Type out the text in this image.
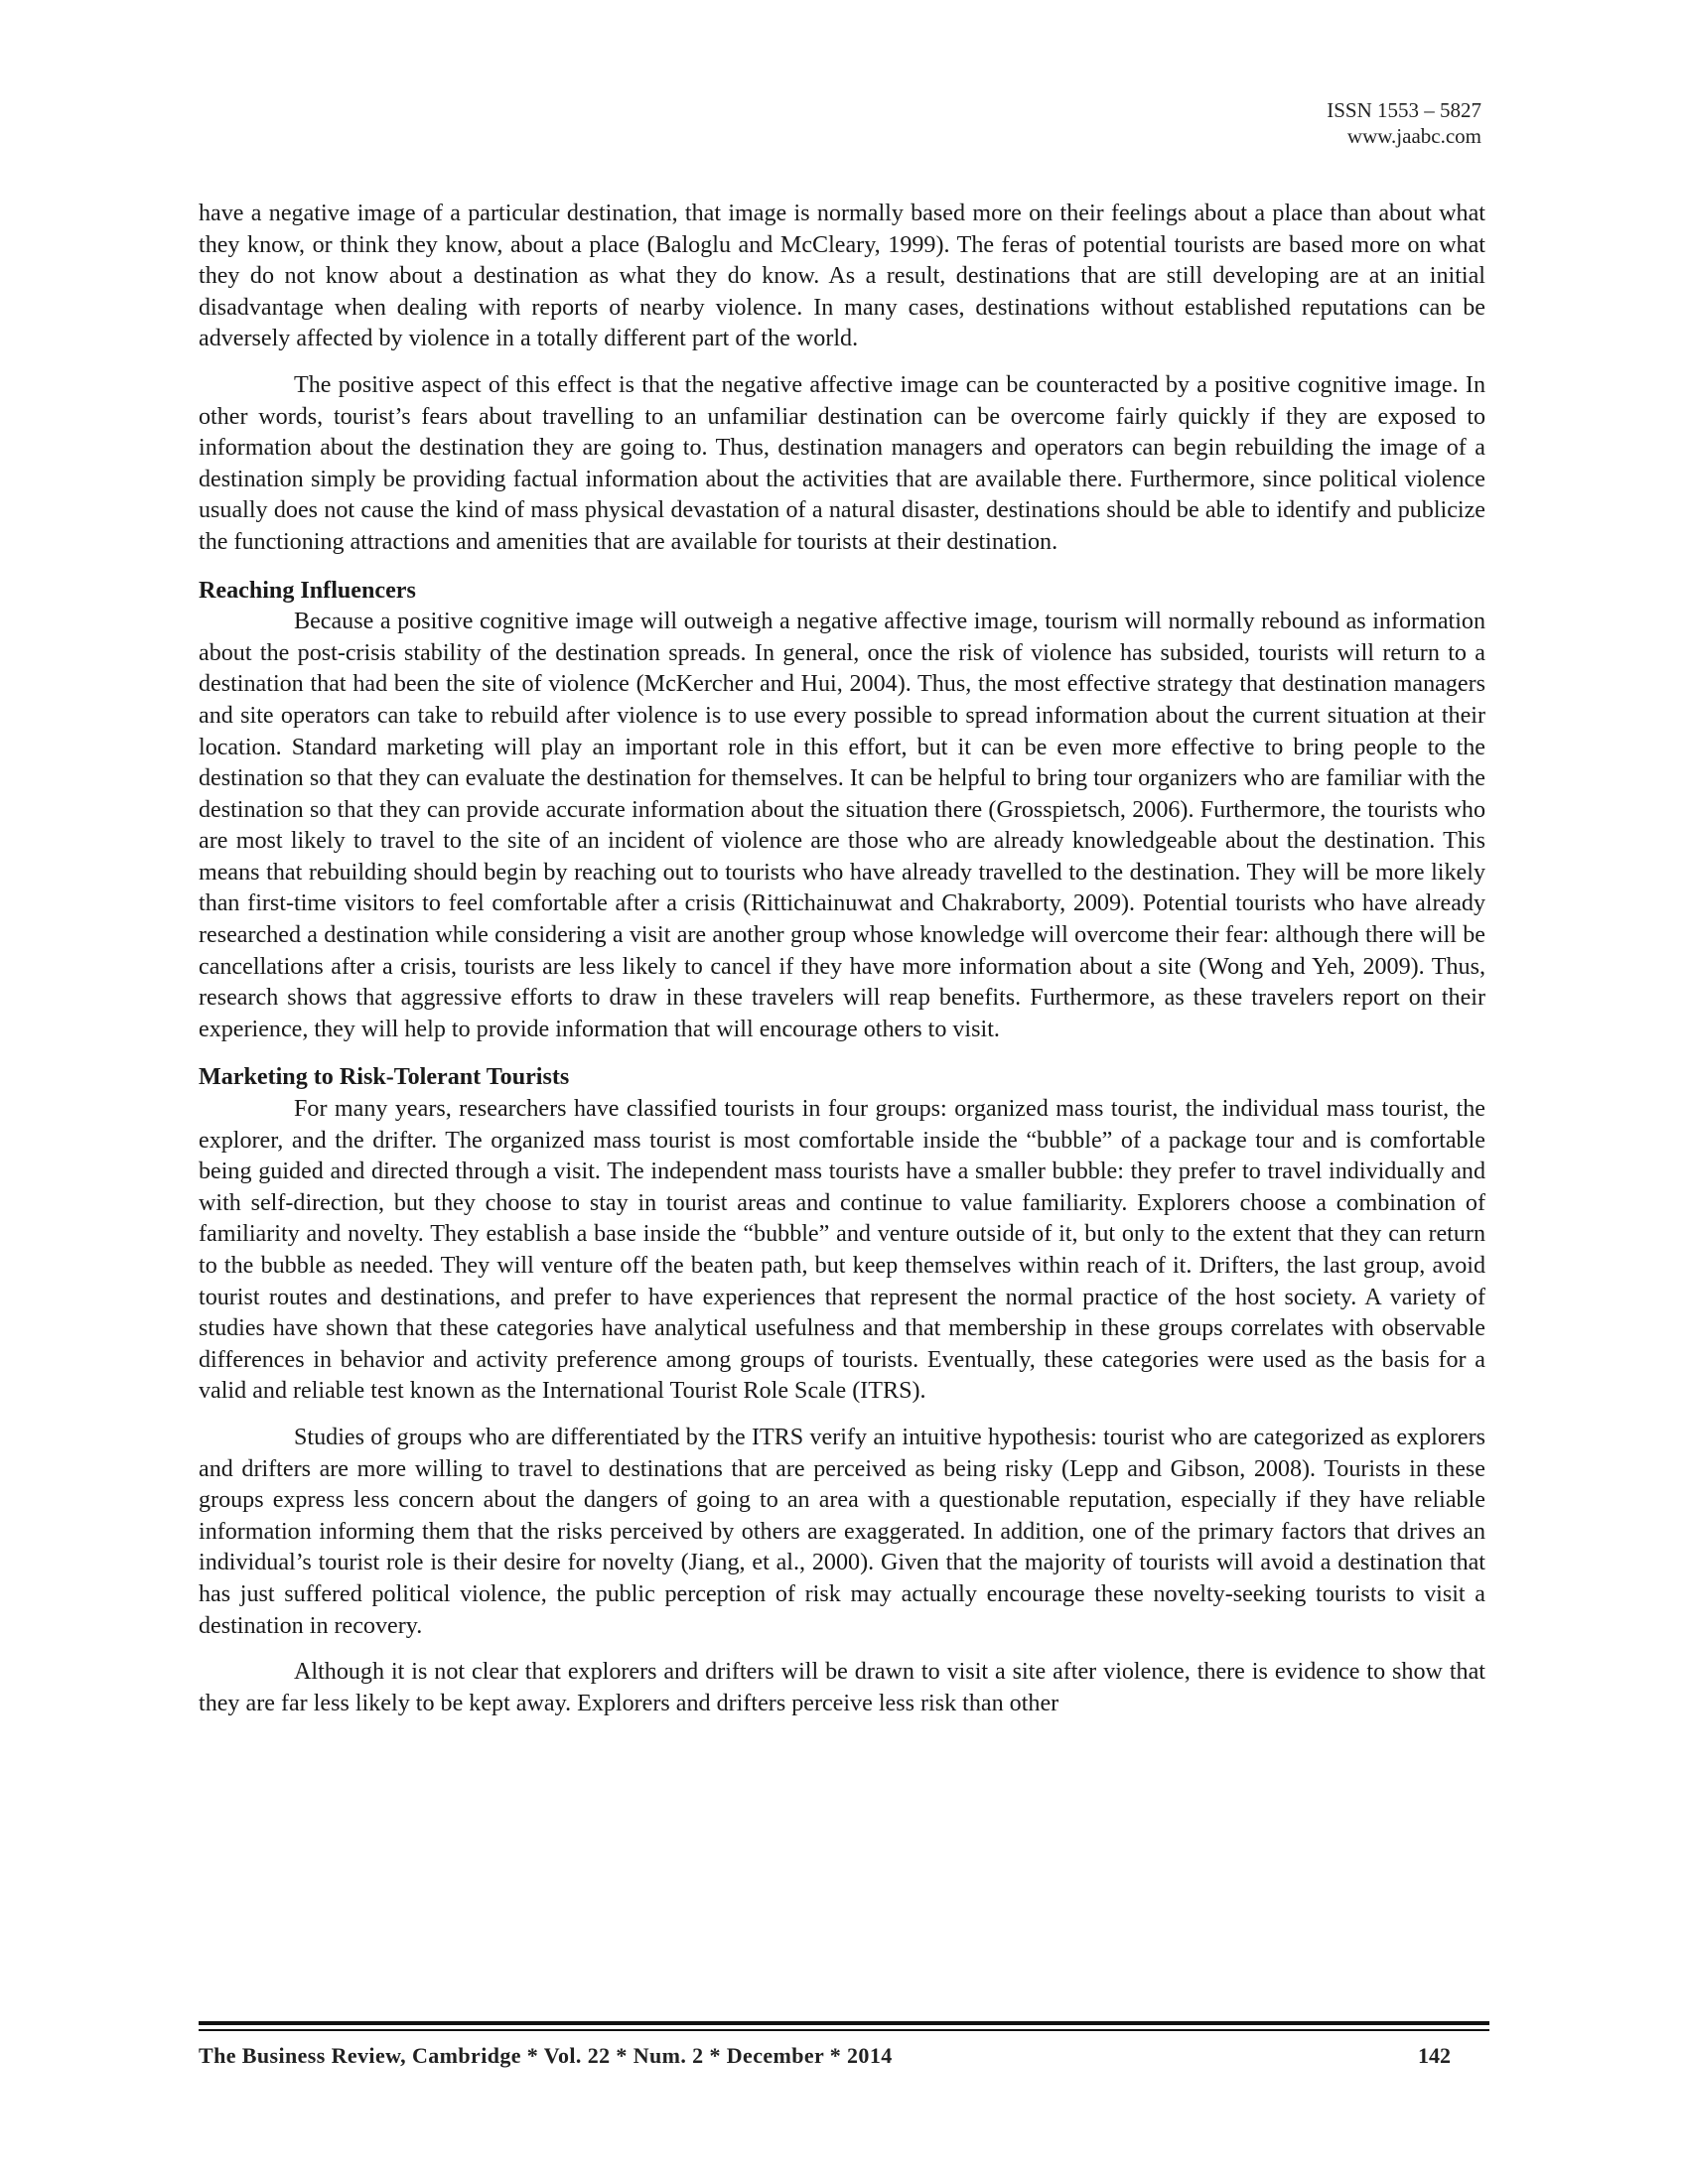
ISSN 1553 – 5827
www.jaabc.com

have a negative image of a particular destination, that image is normally based more on their feelings about a place than about what they know, or think they know, about a place (Baloglu and McCleary, 1999). The feras of potential tourists are based more on what they do not know about a destination as what they do know. As a result, destinations that are still developing are at an initial disadvantage when dealing with reports of nearby violence. In many cases, destinations without established reputations can be adversely affected by violence in a totally different part of the world.

The positive aspect of this effect is that the negative affective image can be counteracted by a positive cognitive image. In other words, tourist’s fears about travelling to an unfamiliar destination can be overcome fairly quickly if they are exposed to information about the destination they are going to. Thus, destination managers and operators can begin rebuilding the image of a destination simply be providing factual information about the activities that are available there. Furthermore, since political violence usually does not cause the kind of mass physical devastation of a natural disaster, destinations should be able to identify and publicize the functioning attractions and amenities that are available for tourists at their destination.

Reaching Influencers

Because a positive cognitive image will outweigh a negative affective image, tourism will normally rebound as information about the post-crisis stability of the destination spreads. In general, once the risk of violence has subsided, tourists will return to a destination that had been the site of violence (McKercher and Hui, 2004). Thus, the most effective strategy that destination managers and site operators can take to rebuild after violence is to use every possible to spread information about the current situation at their location. Standard marketing will play an important role in this effort, but it can be even more effective to bring people to the destination so that they can evaluate the destination for themselves. It can be helpful to bring tour organizers who are familiar with the destination so that they can provide accurate information about the situation there (Grosspietsch, 2006). Furthermore, the tourists who are most likely to travel to the site of an incident of violence are those who are already knowledgeable about the destination. This means that rebuilding should begin by reaching out to tourists who have already travelled to the destination. They will be more likely than first-time visitors to feel comfortable after a crisis (Rittichainuwat and Chakraborty, 2009). Potential tourists who have already researched a destination while considering a visit are another group whose knowledge will overcome their fear: although there will be cancellations after a crisis, tourists are less likely to cancel if they have more information about a site (Wong and Yeh, 2009). Thus, research shows that aggressive efforts to draw in these travelers will reap benefits. Furthermore, as these travelers report on their experience, they will help to provide information that will encourage others to visit.

Marketing to Risk-Tolerant Tourists

For many years, researchers have classified tourists in four groups: organized mass tourist, the individual mass tourist, the explorer, and the drifter. The organized mass tourist is most comfortable inside the “bubble” of a package tour and is comfortable being guided and directed through a visit. The independent mass tourists have a smaller bubble: they prefer to travel individually and with self-direction, but they choose to stay in tourist areas and continue to value familiarity. Explorers choose a combination of familiarity and novelty. They establish a base inside the “bubble” and venture outside of it, but only to the extent that they can return to the bubble as needed. They will venture off the beaten path, but keep themselves within reach of it. Drifters, the last group, avoid tourist routes and destinations, and prefer to have experiences that represent the normal practice of the host society. A variety of studies have shown that these categories have analytical usefulness and that membership in these groups correlates with observable differences in behavior and activity preference among groups of tourists. Eventually, these categories were used as the basis for a valid and reliable test known as the International Tourist Role Scale (ITRS).

Studies of groups who are differentiated by the ITRS verify an intuitive hypothesis: tourist who are categorized as explorers and drifters are more willing to travel to destinations that are perceived as being risky (Lepp and Gibson, 2008). Tourists in these groups express less concern about the dangers of going to an area with a questionable reputation, especially if they have reliable information informing them that the risks perceived by others are exaggerated. In addition, one of the primary factors that drives an individual’s tourist role is their desire for novelty (Jiang, et al., 2000). Given that the majority of tourists will avoid a destination that has just suffered political violence, the public perception of risk may actually encourage these novelty-seeking tourists to visit a destination in recovery.

Although it is not clear that explorers and drifters will be drawn to visit a site after violence, there is evidence to show that they are far less likely to be kept away. Explorers and drifters perceive less risk than other

The Business Review, Cambridge * Vol. 22 * Num. 2 * December * 2014	142
